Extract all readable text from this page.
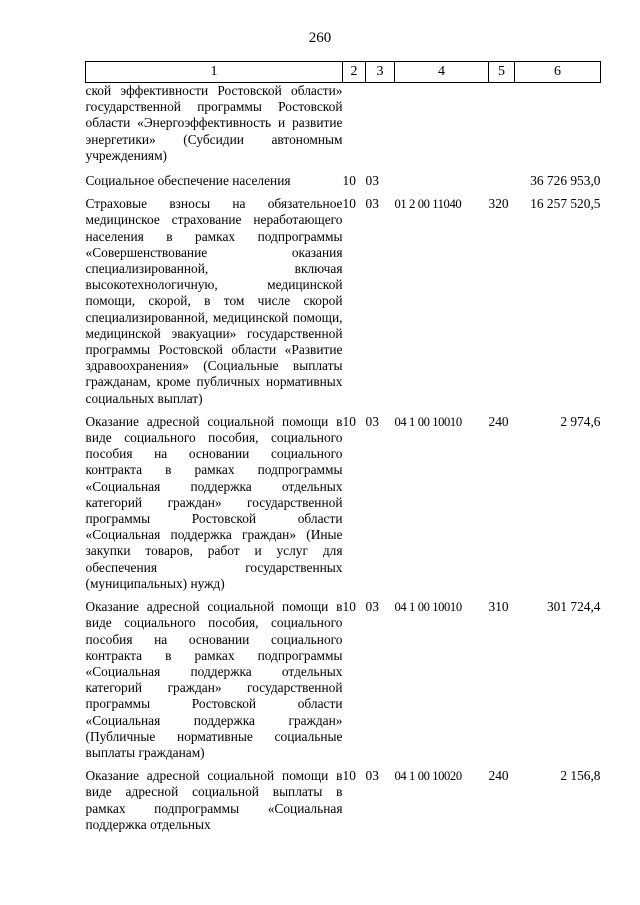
260
1	2	3	4	5	6
ской эффективности Ростовской области» государственной программы Ростовской области «Энергоэффективность и развитие энергетики» (Субсидии автономным учреждениям)					
Социальное обеспечение населения	10	03			36 726 953,0
Страховые взносы на обязательное медицинское страхование неработающего населения в рамках подпрограммы «Совершенствование оказания специализированной, включая высокотехнологичную, медицинской помощи, скорой, в том числе скорой специализированной, медицинской помощи, медицинской эвакуации» государственной программы Ростовской области «Развитие здравоохранения» (Социальные выплаты гражданам, кроме публичных нормативных социальных выплат)	10	03	01 2 00 11040	320	16 257 520,5
Оказание адресной социальной помощи в виде социального пособия, социального пособия на основании социального контракта в рамках подпрограммы «Социальная поддержка отдельных категорий граждан» государственной программы Ростовской области «Социальная поддержка граждан» (Иные закупки товаров, работ и услуг для обеспечения государственных (муниципальных) нужд)	10	03	04 1 00 10010	240	2 974,6
Оказание адресной социальной помощи в виде социального пособия, социального пособия на основании социального контракта в рамках подпрограммы «Социальная поддержка отдельных категорий граждан» государственной программы Ростовской области «Социальная поддержка граждан» (Публичные нормативные социальные выплаты гражданам)	10	03	04 1 00 10010	310	301 724,4
Оказание адресной социальной помощи в виде адресной социальной выплаты в рамках подпрограммы «Социальная поддержка отдельных	10	03	04 1 00 10020	240	2 156,8
